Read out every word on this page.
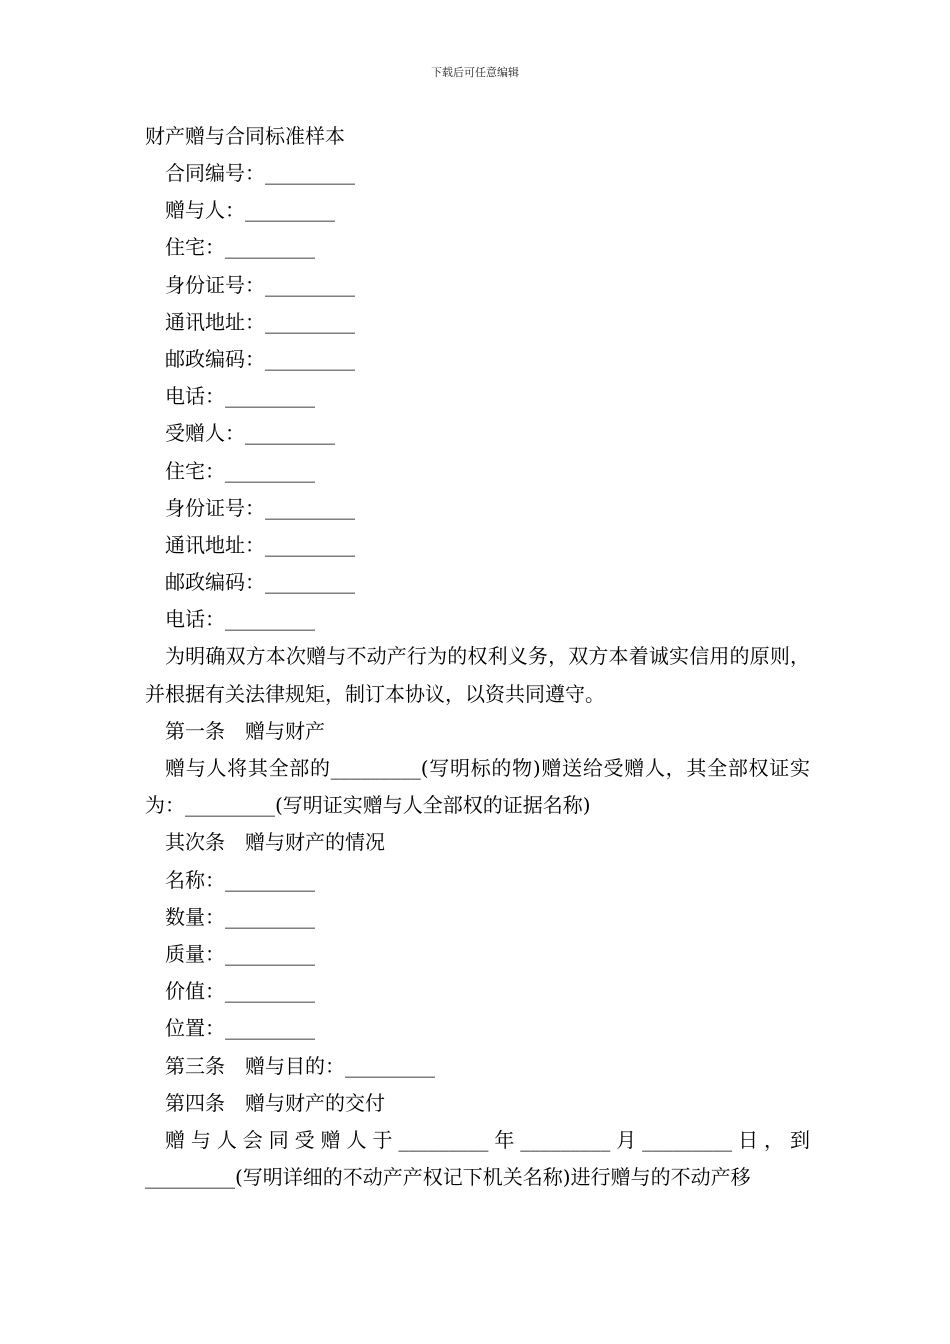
下载后可任意编辑
财产赠与合同标准样本
合同编号：_________
赠与人：_________
住宅：_________
身份证号：_________
通讯地址：_________
邮政编码：_________
电话：_________
受赠人：_________
住宅：_________
身份证号：_________
通讯地址：_________
邮政编码：_________
电话：_________
为明确双方本次赠与不动产行为的权利义务，双方本着诚实信用的原则，并根据有关法律规矩，制订本协议，以资共同遵守。
第一条　赠与财产
赠与人将其全部的_________(写明标的物)赠送给受赠人，其全部权证实为：_________(写明证实赠与人全部权的证据名称)
其次条　赠与财产的情况
名称：_________
数量：_________
质量：_________
价值：_________
位置：_________
第三条　赠与目的：_________
第四条　赠与财产的交付
赠与人会同受赠人于_________年_________月_________日，到_________(写明详细的不动产产权记下机关名称)进行赠与的不动产移
